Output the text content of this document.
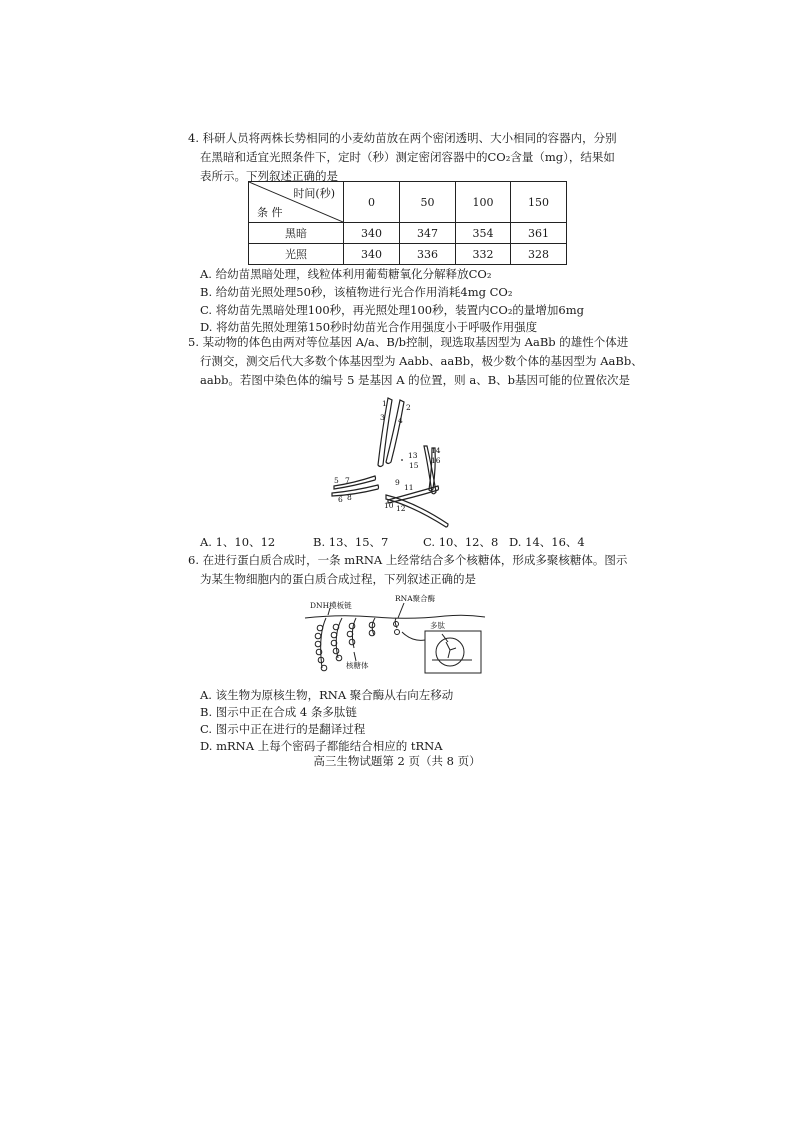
4. 科研人员将两株长势相同的小麦幼苗放在两个密闭透明、大小相同的容器内，分别

在黑暗和适宜光照条件下，定时（秒）测定密闭容器中的CO₂含量（mg），结果如

表所示。下列叙述正确的是

时间(秒)
条 件	0	50	100	150
黑暗	340	347	354	361
光照	340	336	332	328
A. 给幼苗黑暗处理，线粒体利用葡萄糖氧化分解释放CO₂
B. 给幼苗光照处理50秒，该植物进行光合作用消耗4mg CO₂
C. 将幼苗先黑暗处理100秒，再光照处理100秒，装置内CO₂的量增加6mg
D. 将幼苗先照处理第150秒时幼苗光合作用强度小于呼吸作用强度

5. 某动物的体色由两对等位基因 A/a、B/b控制，现选取基因型为 AaBb 的雄性个体进

行测交，测交后代大多数个体基因型为 Aabb、aaBb，极少数个体的基因型为 AaBb、

aabb。若图中染色体的编号 5 是基因 A 的位置，则 a、B、b基因可能的位置依次是

1	2
3 4
5
6
7
8
9
10
11
12
13
14
15
16
A. 1、10、12	B. 13、15、7	C. 10、12、8 D. 14、16、4

6. 在进行蛋白质合成时，一条 mRNA 上经常结合多个核糖体，形成多聚核糖体。图示

为某生物细胞内的蛋白质合成过程，下列叙述正确的是

DNH模板链
RNA聚合酶
多肽
核糖体
A. 该生物为原核生物，RNA 聚合酶从右向左移动
B. 图示中正在合成 4 条多肽链
C. 图示中正在进行的是翻译过程
D. mRNA 上每个密码子都能结合相应的 tRNA
高三生物试题第 2 页（共 8 页）
